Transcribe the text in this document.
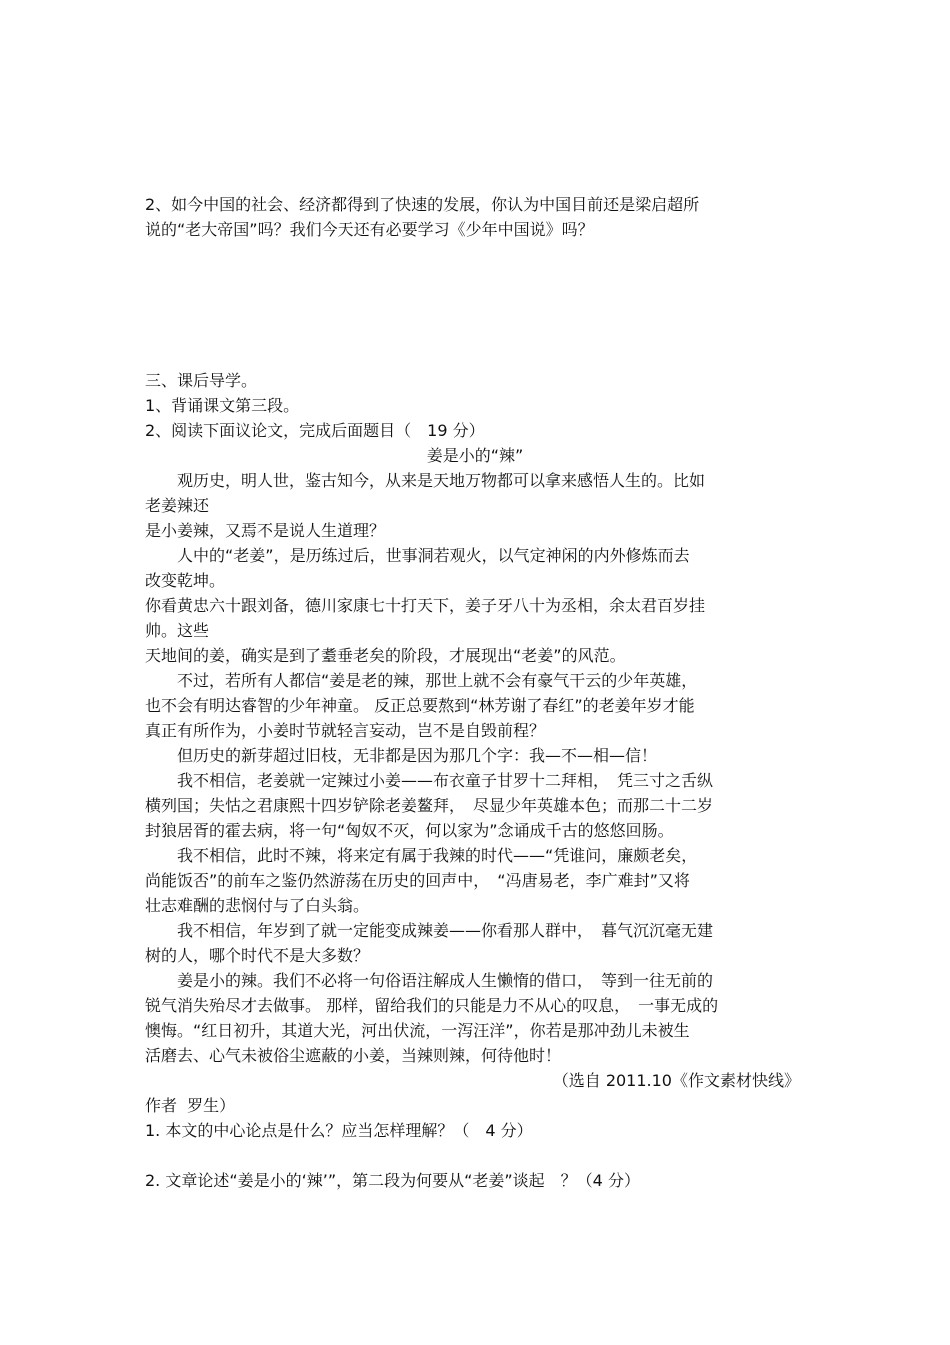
2、如今中国的社会、经济都得到了快速的发展，你认为中国目前还是梁启超所
说的“老大帝国”吗？我们今天还有必要学习《少年中国说》吗？
三、课后导学。
1、背诵课文第三段。
2、阅读下面议论文，完成后面题目（　19 分）
姜是小的“辣”
　　观历史，明人世，鉴古知今，从来是天地万物都可以拿来感悟人生的。比如
老姜辣还
是小姜辣，又焉不是说人生道理？
　　人中的“老姜”，是历练过后，世事洞若观火，以气定神闲的内外修炼而去
改变乾坤。
你看黄忠六十跟刘备，德川家康七十打天下，姜子牙八十为丞相，余太君百岁挂
帅。这些
天地间的姜，确实是到了耋垂老矣的阶段，才展现出“老姜”的风范。
　　不过，若所有人都信“姜是老的辣，那世上就不会有豪气干云的少年英雄，
也不会有明达睿智的少年神童。 反正总要熬到“林芳谢了春红”的老姜年岁才能
真正有所作为，小姜时节就轻言妄动，岂不是自毁前程？
　　但历史的新芽超过旧枝，无非都是因为那几个字：我—不—相—信！
　　我不相信，老姜就一定辣过小姜——布衣童子甘罗十二拜相，　凭三寸之舌纵
横列国；失怙之君康熙十四岁铲除老姜鳌拜，　尽显少年英雄本色；而那二十二岁
封狼居胥的霍去病，将一句“匈奴不灭，何以家为”念诵成千古的悠悠回肠。
　　我不相信，此时不辣，将来定有属于我辣的时代——“凭谁问，廉颇老矣，
尚能饭否”的前车之鉴仍然游荡在历史的回声中，　“冯唐易老，李广难封”又将
壮志难酬的悲悯付与了白头翁。
　　我不相信，年岁到了就一定能变成辣姜——你看那人群中，　暮气沉沉毫无建
树的人，哪个时代不是大多数？
　　姜是小的辣。我们不必将一句俗语注解成人生懒惰的借口，　等到一往无前的
锐气消失殆尽才去做事。 那样，留给我们的只能是力不从心的叹息，　一事无成的
懊悔。“红日初升，其道大光，河出伏流，一泻汪洋”，你若是那冲劲儿未被生
活磨去、心气未被俗尘遮蔽的小姜，当辣则辣，何待他时！
（选自 2011.10《作文素材快线》
作者  罗生）
1. 本文的中心论点是什么？应当怎样理解？（　4 分）
2. 文章论述“姜是小的‘辣’”，第二段为何要从“老姜”谈起　？（4 分）
